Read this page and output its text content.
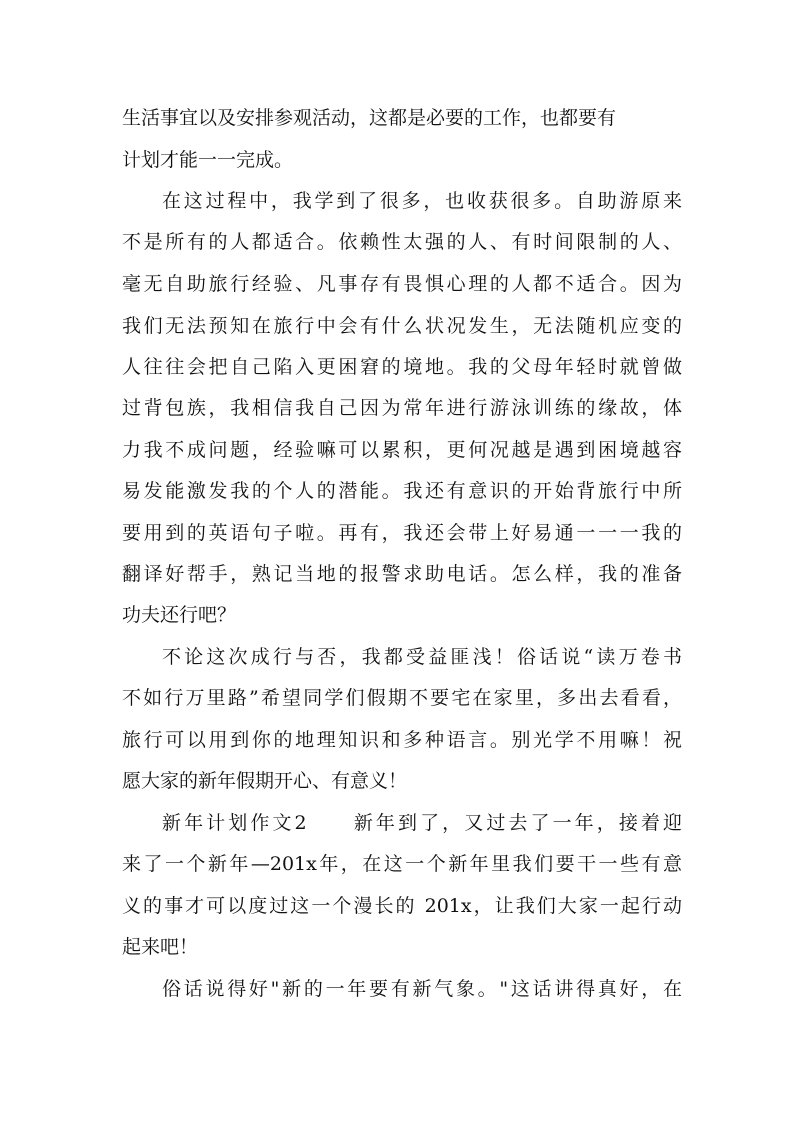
生活事宜以及安排参观活动，这都是必要的工作，也都要有
计划才能一一完成。
在这过程中，我学到了很多，也收获很多。自助游原来
不是所有的人都适合。依赖性太强的人、有时间限制的人、
毫无自助旅行经验、凡事存有畏惧心理的人都不适合。因为
我们无法预知在旅行中会有什么状况发生，无法随机应变的
人往往会把自己陷入更困窘的境地。我的父母年轻时就曾做
过背包族，我相信我自己因为常年进行游泳训练的缘故，体
力我不成问题，经验嘛可以累积，更何况越是遇到困境越容
易发能激发我的个人的潜能。我还有意识的开始背旅行中所
要用到的英语句子啦。再有，我还会带上好易通一一一我的
翻译好帮手，熟记当地的报警求助电话。怎么样，我的准备
功夫还行吧？
不论这次成行与否，我都受益匪浅！俗话说“读万卷书
不如行万里路”希望同学们假期不要宅在家里，多出去看看，
旅行可以用到你的地理知识和多种语言。别光学不用嘛！祝
愿大家的新年假期开心、有意义！
新年计划作文2　　新年到了，又过去了一年，接着迎
来了一个新年—201x年，在这一个新年里我们要干一些有意
义的事才可以度过这一个漫长的 201x，让我们大家一起行动
起来吧！
俗话说得好"新的一年要有新气象。"这话讲得真好，在
